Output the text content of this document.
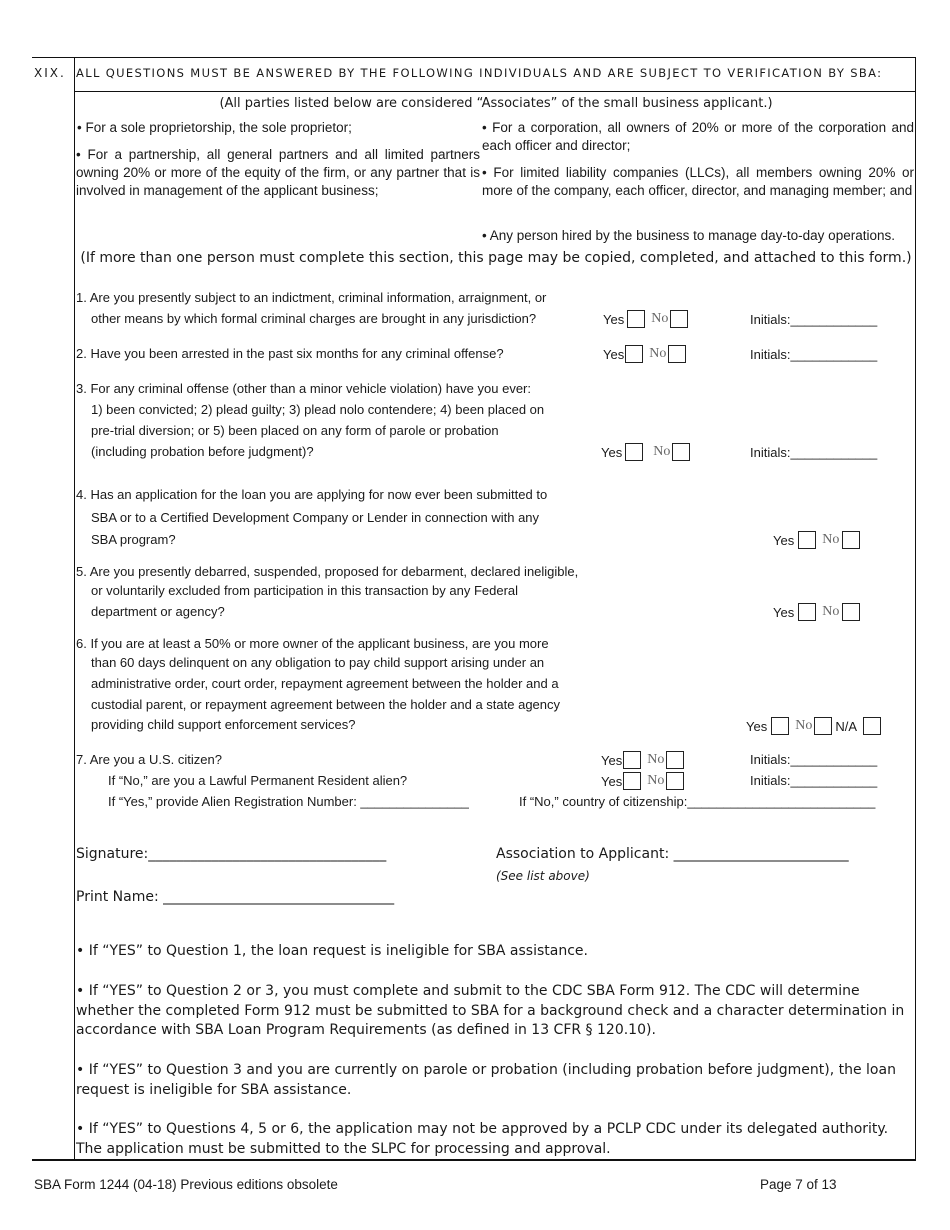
XIX. ALL QUESTIONS MUST BE ANSWERED BY THE FOLLOWING INDIVIDUALS AND ARE SUBJECT TO VERIFICATION BY SBA:
(All parties listed below are considered “Associates” of the small business applicant.)
• For a sole proprietorship, the sole proprietor;
• For a partnership, all general partners and all limited partners owning 20% or more of the equity of the firm, or any partner that is involved in management of the applicant business;
• For a corporation, all owners of 20% or more of the corporation and each officer and director;
• For limited liability companies (LLCs), all members owning 20% or more of the company, each officer, director, and managing member; and
• Any person hired by the business to manage day-to-day operations.
(If more than one person must complete this section, this page may be copied, completed, and attached to this form.)
1. Are you presently subject to an indictment, criminal information, arraignment, or
other means by which formal criminal charges are brought in any jurisdiction?	Yes No	Initials:____________
2. Have you been arrested in the past six months for any criminal offense?	Yes No	Initials:____________
3. For any criminal offense (other than a minor vehicle violation) have you ever:
1) been convicted; 2) plead guilty; 3) plead nolo contendere; 4) been placed on
pre-trial diversion; or 5) been placed on any form of parole or probation
(including probation before judgment)?	Yes No	Initials:____________
4. Has an application for the loan you are applying for now ever been submitted to
SBA or to a Certified Development Company or Lender in connection with any
SBA program?	Yes No
5. Are you presently debarred, suspended, proposed for debarment, declared ineligible,
or voluntarily excluded from participation in this transaction by any Federal
department or agency?	Yes No
6. If you are at least a 50% or more owner of the applicant business, are you more
than 60 days delinquent on any obligation to pay child support arising under an
administrative order, court order, repayment agreement between the holder and a
custodial parent, or repayment agreement between the holder and a state agency
providing child support enforcement services?	Yes No N/A
7. Are you a U.S. citizen?	Yes No	Initials:____________
If “No,” are you a Lawful Permanent Resident alien?	Yes No	Initials:____________
If “Yes,” provide Alien Registration Number: _______________	If “No,” country of citizenship:__________________________
Signature:__________________________________	Association to Applicant: _________________________
(See list above)
Print Name: _________________________________
• If “YES” to Question 1, the loan request is ineligible for SBA assistance.
• If “YES” to Question 2 or 3, you must complete and submit to the CDC SBA Form 912. The CDC will determine whether the completed Form 912 must be submitted to SBA for a background check and a character determination in accordance with SBA Loan Program Requirements (as defined in 13 CFR § 120.10).
• If “YES” to Question 3 and you are currently on parole or probation (including probation before judgment), the loan request is ineligible for SBA assistance.
• If “YES” to Questions 4, 5 or 6, the application may not be approved by a PCLP CDC under its delegated authority. The application must be submitted to the SLPC for processing and approval.
SBA Form 1244 (04-18) Previous editions obsolete	Page 7 of 13
